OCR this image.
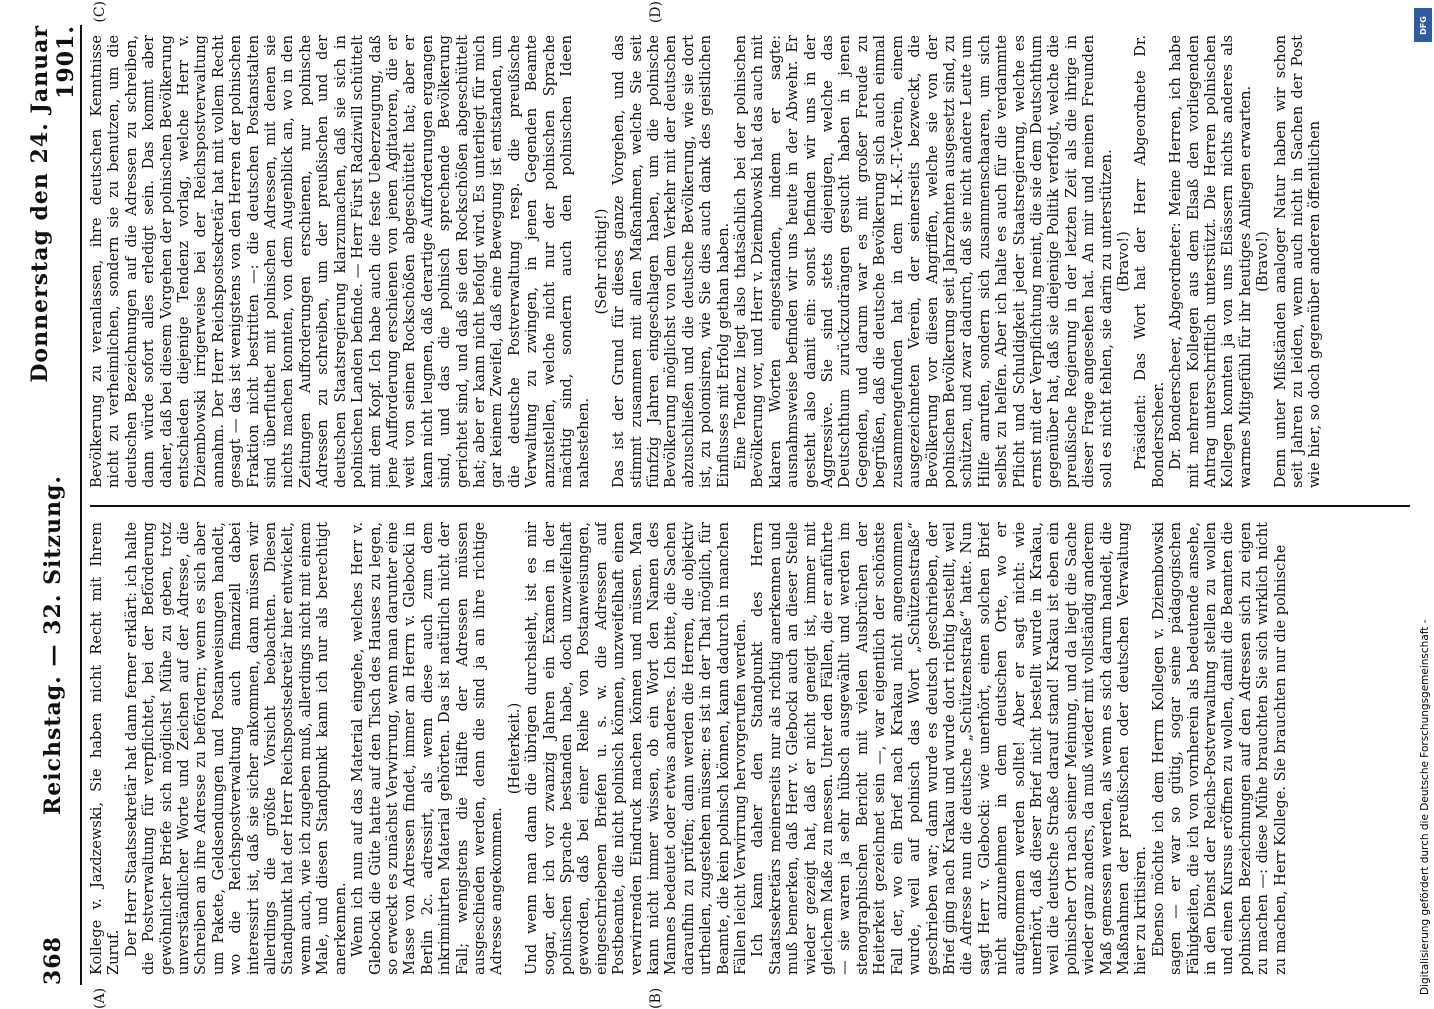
368
Reichstag. — 32. Sitzung.
Donnerstag den 24. Januar 1901.
(A)	(B)
(C)	(D)

Kollege v. Jazdzewski, Sie haben nicht Recht mit Ihrem Zuruf. Der Herr Staatssekretär hat dann ferner erklärt: ich halte die Postverwaltung für verpflichtet, bei der Beförderung gewöhnlicher Briefe sich möglichst Mühe zu geben, trotz unverständlicher Worte und Zeichen auf der Adresse, die Schreiben an ihre Adresse zu befördern; wenn es sich aber um Pakete, Geldsendungen und Postanweisungen handelt, wo die Reichspostverwaltung auch finanziell dabei interessirt ist, daß sie sicher ankommen, dann müssen wir allerdings die größte Vorsicht beobachten. Diesen Standpunkt hat der Herr Reichspostsekretär hier entwickelt, wenn auch, wie ich zugeben muß, allerdings nicht mit einem Male, und diesen Standpunkt kann ich nur als berechtigt anerkennen. Wenn ich nun auf das Material eingehe, welches Herr v. Glebocki die Güte hatte auf den Tisch des Hauses zu legen, so erweckt es zunächst Verwirrung, wenn man darunter eine Masse von Adressen findet, immer an Herrn v. Glebocki in Berlin 2c. adressirt, als wenn diese auch zum dem inkriminirten Material gehörten. Das ist natürlich nicht der Fall; wenigstens die Hälfte der Adressen müssen ausgeschieden werden, denn die sind ja an ihre richtige Adresse angekommen.

(Heiterkeit.) Und wenn man dann die übrigen durchsieht, ist es mir sogar, der ich vor zwanzig Jahren ein Examen in der polnischen Sprache bestanden habe, doch unzweifelhaft geworden, daß bei einer Reihe von Postanweisungen, eingeschriebenen Briefen u. s. w. die Adressen auf Postbeamte, die nicht polnisch können, unzweifelhaft einen verwirrenden Eindruck machen können und müssen. Man kann nicht immer wissen, ob ein Wort den Namen des Mannes bedeutet oder etwas anderes. Ich bitte, die Sachen daraufhin zu prüfen; dann werden die Herren, die objektiv urtheilen, zugestehen müssen: es ist in der That möglich, für Beamte, die kein polnisch können, kann dadurch in manchen Fällen leicht Verwirrung hervorgerufen werden. Ich kann daher den Standpunkt des Herrn Staatssekretärs meinerseits nur als richtig anerkennen und muß bemerken, daß Herr v. Glebocki auch an dieser Stelle wieder gezeigt hat, daß er nicht geneigt ist, immer mit gleichem Maße zu messen. Unter den Fällen, die er anführte — sie waren ja sehr hübsch ausgewählt und werden im stenographischen Bericht mit vielen Ausbrüchen der Heiterkeit gezeichnet sein —, war eigentlich der schönste Fall der, wo ein Brief nach Krakau nicht angenommen wurde, weil auf polnisch das Wort „Schützenstraße“ geschrieben war; dann wurde es deutsch geschrieben, der Brief ging nach Krakau und wurde dort richtig bestellt, weil die Adresse nun die deutsche „Schützenstraße“ hatte. Nun sagt Herr v. Glebocki: wie unerhört, einen solchen Brief nicht anzunehmen in dem deutschen Orte, wo er aufgenommen werden sollte! Aber er sagt nicht: wie unerhört, daß dieser Brief nicht bestellt wurde in Krakau, weil die deutsche Straße darauf stand! Krakau ist eben ein polnischer Ort nach seiner Meinung, und da liegt die Sache wieder ganz anders, da muß wieder mit vollständig anderem Maß gemessen werden, als wenn es sich darum handelt, die Maßnahmen der preußischen oder deutschen Verwaltung hier zu kritisiren. Ebenso möchte ich dem Herrn Kollegen v. Dziembowski sagen — er war so gütig, sogar seine pädagogischen Fähigkeiten, die ich von vornherein als bedeutende ansehe, in den Dienst der Reichs-Postverwaltung stellen zu wollen und einen Kursus eröffnen zu wollen, damit die Beamten die polnischen Bezeichnungen auf den Adressen sich zu eigen zu machen —: diese Mühe brauchten Sie sich wirklich nicht zu machen, Herr Kollege. Sie brauchten nur die polnische

Bevölkerung zu veranlassen, ihre deutschen Kenntnisse nicht zu verheimlichen, sondern sie zu benutzen, um die deutschen Bezeichnungen auf die Adressen zu schreiben, dann würde sofort alles erledigt sein. Das kommt aber daher, daß bei diesem Vorgehen der polnischen Bevölkerung entschieden diejenige Tendenz vorlag, welche Herr v. Dziembowski irrigerweise bei der Reichspostverwaltung annahm. Der Herr Reichspostsekretär hat mit vollem Recht gesagt — das ist wenigstens von den Herren der polnischen Fraktion nicht bestritten —: die deutschen Postanstalten sind überfluthet mit polnischen Adressen, mit denen sie nichts machen konnten, von dem Augenblick an, wo in den Zeitungen Aufforderungen erschienen, nur polnische Adressen zu schreiben, um der preußischen und der deutschen Staatsregierung klarzumachen, daß sie sich in polnischen Landen befinde. — Herr Fürst Radziwill schüttelt mit dem Kopf. Ich habe auch die feste Ueberzeugung, daß jene Aufforderung erschienen von jenen Agitatoren, die er weit von seinen Rockschößen abgeschüttelt hat; aber er kann nicht leugnen, daß derartige Aufforderungen ergangen sind, und das die polnisch sprechende Bevölkerung gerichtet sind, und daß sie den Rockschößen abgeschüttelt hat; aber er kann nicht befolgt wird. Es unterliegt für mich gar keinem Zweifel, daß eine Bewegung ist entstanden, um die deutsche Postverwaltung resp. die preußische Verwaltung zu zwingen, in jenen Gegenden Beamte anzustellen, welche nicht nur der polnischen Sprache mächtig sind, sondern auch den polnischen Ideen nahestehen.

(Sehr richtig!) Das ist der Grund für dieses ganze Vorgehen, und das stimmt zusammen mit allen Maßnahmen, welche Sie seit fünfzig Jahren eingeschlagen haben, um die polnische Bevölkerung möglichst von dem Verkehr mit der deutschen abzuschließen und die deutsche Bevölkerung, wie sie dort ist, zu polonisiren, wie Sie dies auch dank des geistlichen Einflusses mit Erfolg gethan haben. Eine Tendenz liegt also thatsächlich bei der polnischen Bevölkerung vor, und Herr v. Dziembowski hat das auch mit klaren Worten eingestanden, indem er sagte: ausnahmsweise befinden wir uns heute in der Abwehr. Er gesteht also damit ein: sonst befinden wir uns in der Aggressive. Sie sind stets diejenigen, welche das Deutschthum zurückzudrängen gesucht haben in jenen Gegenden, und darum war es mit großer Freude zu begrüßen, daß die deutsche Bevölkerung sich auch einmal zusammengefunden hat in dem H.-K.-T.-Verein, einem ausgezeichneten Verein, der seinerseits bezweckt, die Bevölkerung vor diesen Angriffen, welche sie von der polnischen Bevölkerung seit Jahrzehnten ausgesetzt sind, zu schützen, und zwar dadurch, daß sie nicht andere Leute um Hilfe anrufen, sondern sich zusammenschaaren, um sich selbst zu helfen. Aber ich halte es auch für die verdammte Pflicht und Schuldigkeit jeder Staatsregierung, welche es ernst mit der Verpflichtung meint, die sie dem Deutschthum gegenüber hat, daß sie diejenige Politik verfolgt, welche die preußische Regierung in der letzten Zeit als die ihrige in dieser Frage angesehen hat. An mir und meinen Freunden soll es nicht fehlen, sie darin zu unterstützen. (Bravo!) Präsident: Das Wort hat der Herr Abgeordnete Dr. Bonderscheer. Dr. Bonderscheer, Abgeordneter: Meine Herren, ich habe mit mehreren Kollegen aus dem Elsaß den vorliegenden Antrag unterschriftlich unterstützt. Die Herren polnischen Kollegen konnten ja von uns Elsässern nichts anderes als warmes Mitgefühl für ihr heutiges Anliegen erwarten. (Bravo!) Denn unter Mißständen analoger Natur haben wir schon seit Jahren zu leiden, wenn auch nicht in Sachen der Post wie hier, so doch gegenüber anderen öffentlichen

Digitalisierung gefördert durch die Deutsche Forschungsgemeinschaft -
DFG
